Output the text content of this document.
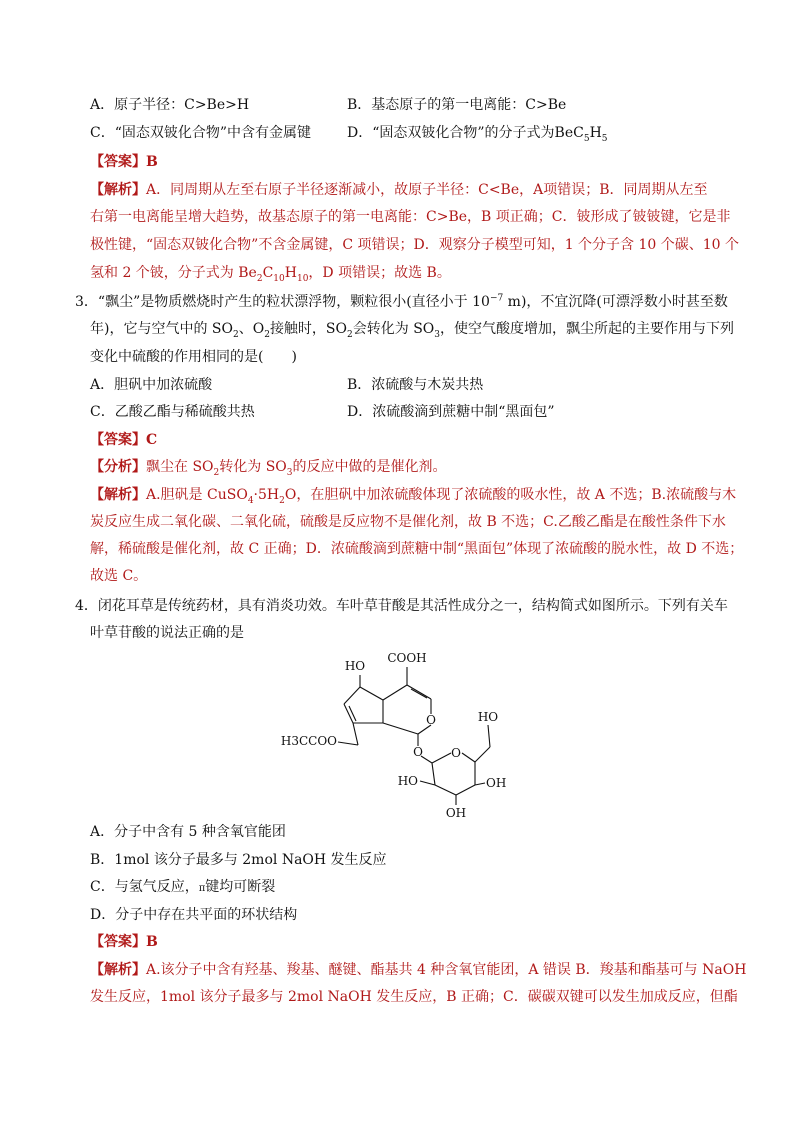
A．原子半径：C>Be>H	B．基态原子的第一电离能：C>Be
C．“固态双铍化合物”中含有金属键	D．“固态双铍化合物”的分子式为$BeC_5H_5$
【答案】B
【解析】A．同周期从左至右原子半径逐渐减小，故原子半径：C<Be，A项错误；B．同周期从左至
右第一电离能呈增大趋势，故基态原子的第一电离能：C>Be，B 项正确；C．铍形成了铍铍键，它是非
极性键，“固态双铍化合物”不含金属键，C 项错误；D．观察分子模型可知，1 个分子含 10 个碳、10 个
氢和 2 个铍，分子式为 $Be_2C_{10}H_{10}$，D 项错误；故选 B。
3．“飘尘”是物质燃烧时产生的粒状漂浮物，颗粒很小(直径小于 $10^{-7}$ m)，不宜沉降(可漂浮数小时甚至数
年)，它与空气中的 $SO_2$、$O_2$接触时，$SO_2$会转化为 $SO_3$，使空气酸度增加，飘尘所起的主要作用与下列
变化中硫酸的作用相同的是(　　)
A．胆矾中加浓硫酸	B．浓硫酸与木炭共热
C．乙酸乙酯与稀硫酸共热	D．浓硫酸滴到蔗糖中制“黑面包”
【答案】C
【分析】飘尘在 $SO_2$转化为 $SO_3$的反应中做的是催化剂。
【解析】A.胆矾是 $CuSO_4\cdot 5H_2O$，在胆矾中加浓硫酸体现了浓硫酸的吸水性，故 A 不选；B.浓硫酸与木
炭反应生成二氧化碳、二氧化硫，硫酸是反应物不是催化剂，故 B 不选；C.乙酸乙酯是在酸性条件下水
解，稀硫酸是催化剂，故 C 正确；D．浓硫酸滴到蔗糖中制“黑面包”体现了浓硫酸的脱水性，故 D 不选；
故选 C。
4．闭花耳草是传统药材，具有消炎功效。车叶草苷酸是其活性成分之一，结构简式如图所示。下列有关车
叶草苷酸的说法正确的是
HO
COOH
H3CCOO
O
O O
HO
HO
OH
OH
A．分子中含有 5 种含氧官能团
B．1mol 该分子最多与 2mol NaOH 发生反应
C．与氢气反应，π键均可断裂
D．分子中存在共平面的环状结构
【答案】B
【解析】A.该分子中含有羟基、羧基、醚键、酯基共 4 种含氧官能团，A 错误 B．羧基和酯基可与 NaOH
发生反应，1mol 该分子最多与 2mol NaOH 发生反应，B 正确；C．碳碳双键可以发生加成反应，但酯
